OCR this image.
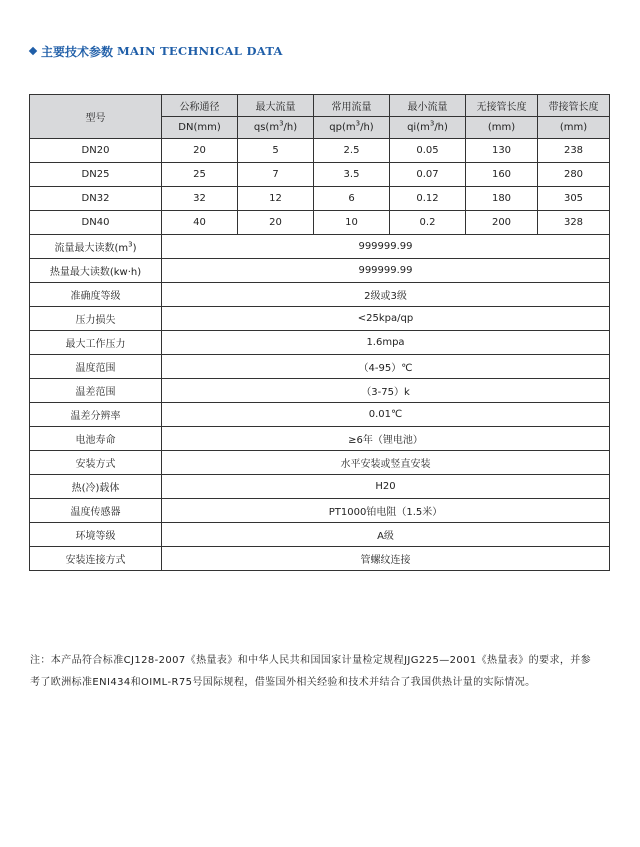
主要技术参数 MAIN TECHNICAL DATA
型号	公称通径	最大流量	常用流量	最小流量	无接管长度	带接管长度
	DN(mm)	$qs(m^3/h)$	$qp(m^3/h)$	$qi(m^3/h)$	(mm)	(mm)
DN20	20	5	2.5	0.05	130	238
DN25	25	7	3.5	0.07	160	280
DN32	32	12	6	0.12	180	305
DN40	40	20	10	0.2	200	328
流量最大读数$(m^3)$	999999.99					
热量最大读数(kw·h)	999999.99					
准确度等级	2级或3级					
压力损失	<25kpa/qp					
最大工作压力	1.6mpa					
温度范围	（4-95）℃					
温差范围	（3-75）k					
温差分辨率	0.01℃					
电池寿命	≥6年（锂电池）					
安装方式	水平安装或竖直安装					
热(冷)载体	H20					
温度传感器	PT1000铂电阻（1.5米）					
环境等级	A级					
安装连接方式	管螺纹连接					
注：本产品符合标准CJ128-2007《热量表》和中华人民共和国国家计量检定规程JJG225—2001《热量表》的要求，并参
考了欧洲标准ENI434和OIML-R75号国际规程，借鉴国外相关经验和技术并结合了我国供热计量的实际情况。
